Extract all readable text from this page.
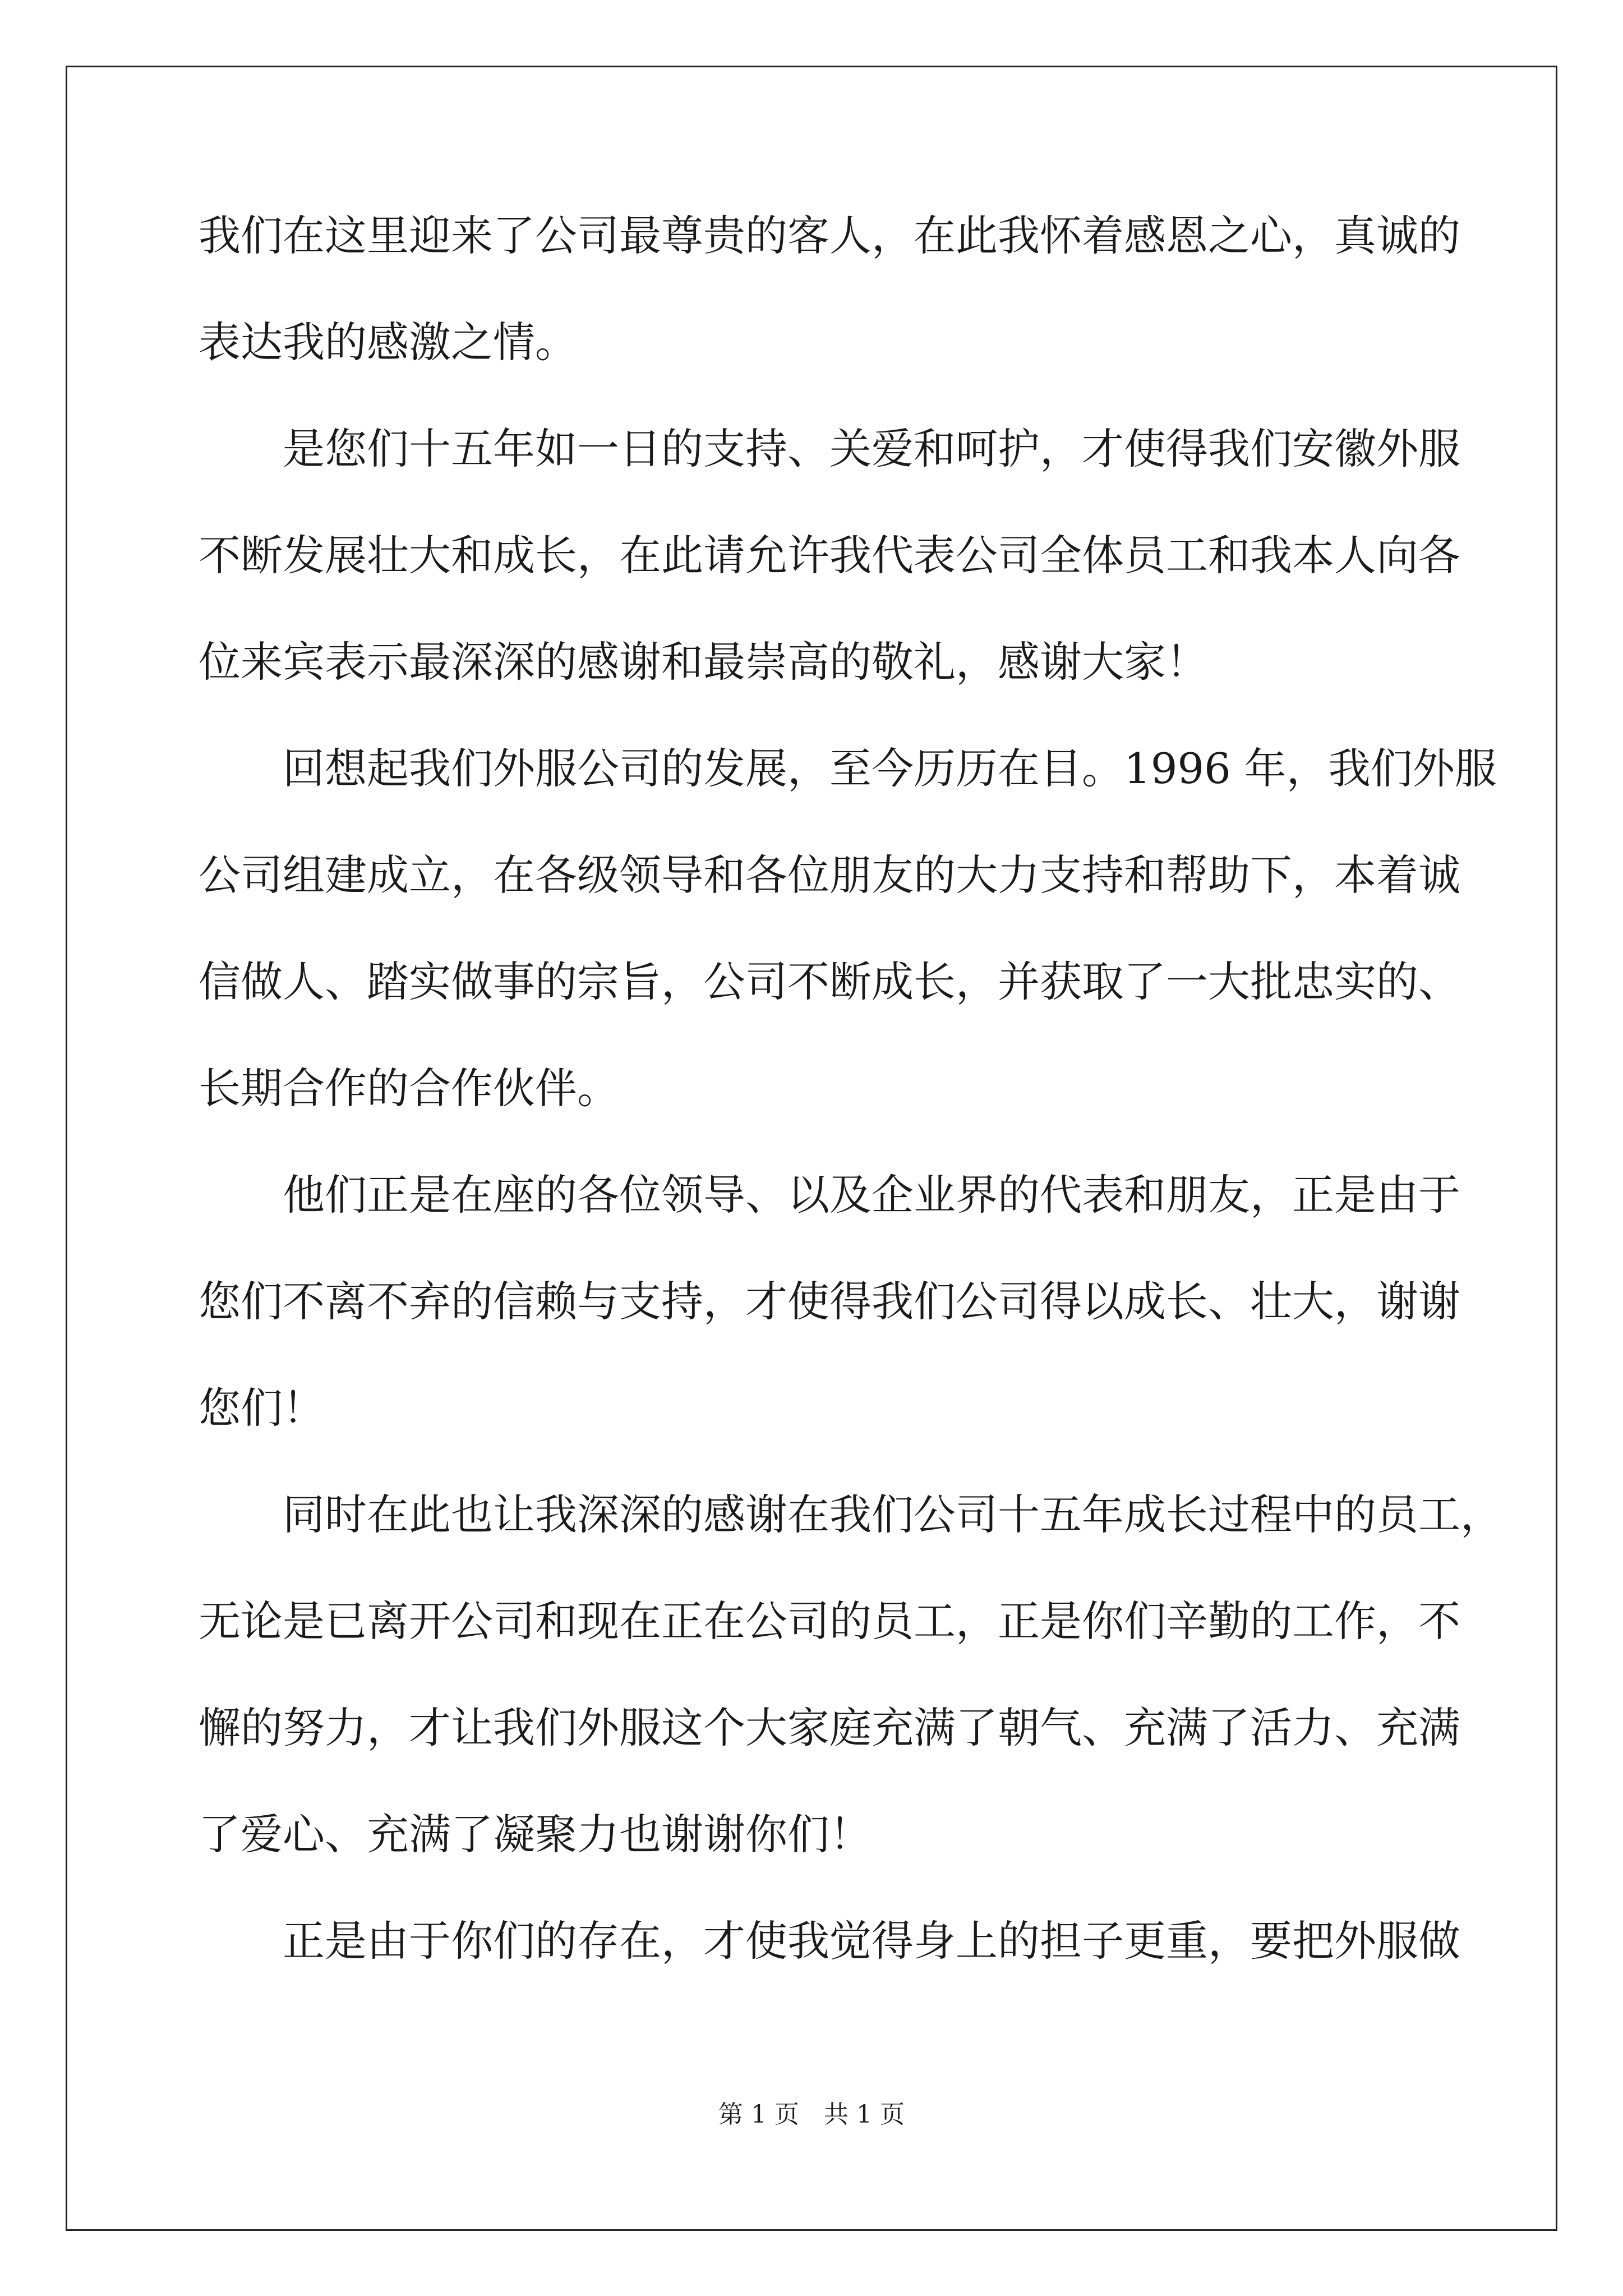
我们在这里迎来了公司最尊贵的客人，在此我怀着感恩之心，真诚的
表达我的感激之情。
　　是您们十五年如一日的支持、关爱和呵护，才使得我们安徽外服
不断发展壮大和成长，在此请允许我代表公司全体员工和我本人向各
位来宾表示最深深的感谢和最崇高的敬礼，感谢大家！
　　回想起我们外服公司的发展，至今历历在目。1996 年，我们外服
公司组建成立，在各级领导和各位朋友的大力支持和帮助下，本着诚
信做人、踏实做事的宗旨，公司不断成长，并获取了一大批忠实的、
长期合作的合作伙伴。
　　他们正是在座的各位领导、以及企业界的代表和朋友，正是由于
您们不离不弃的信赖与支持，才使得我们公司得以成长、壮大，谢谢
您们！
　　同时在此也让我深深的感谢在我们公司十五年成长过程中的员工，
无论是已离开公司和现在正在公司的员工，正是你们辛勤的工作，不
懈的努力，才让我们外服这个大家庭充满了朝气、充满了活力、充满
了爱心、充满了凝聚力也谢谢你们！
　　正是由于你们的存在，才使我觉得身上的担子更重，要把外服做
第 1 页　共 1 页
